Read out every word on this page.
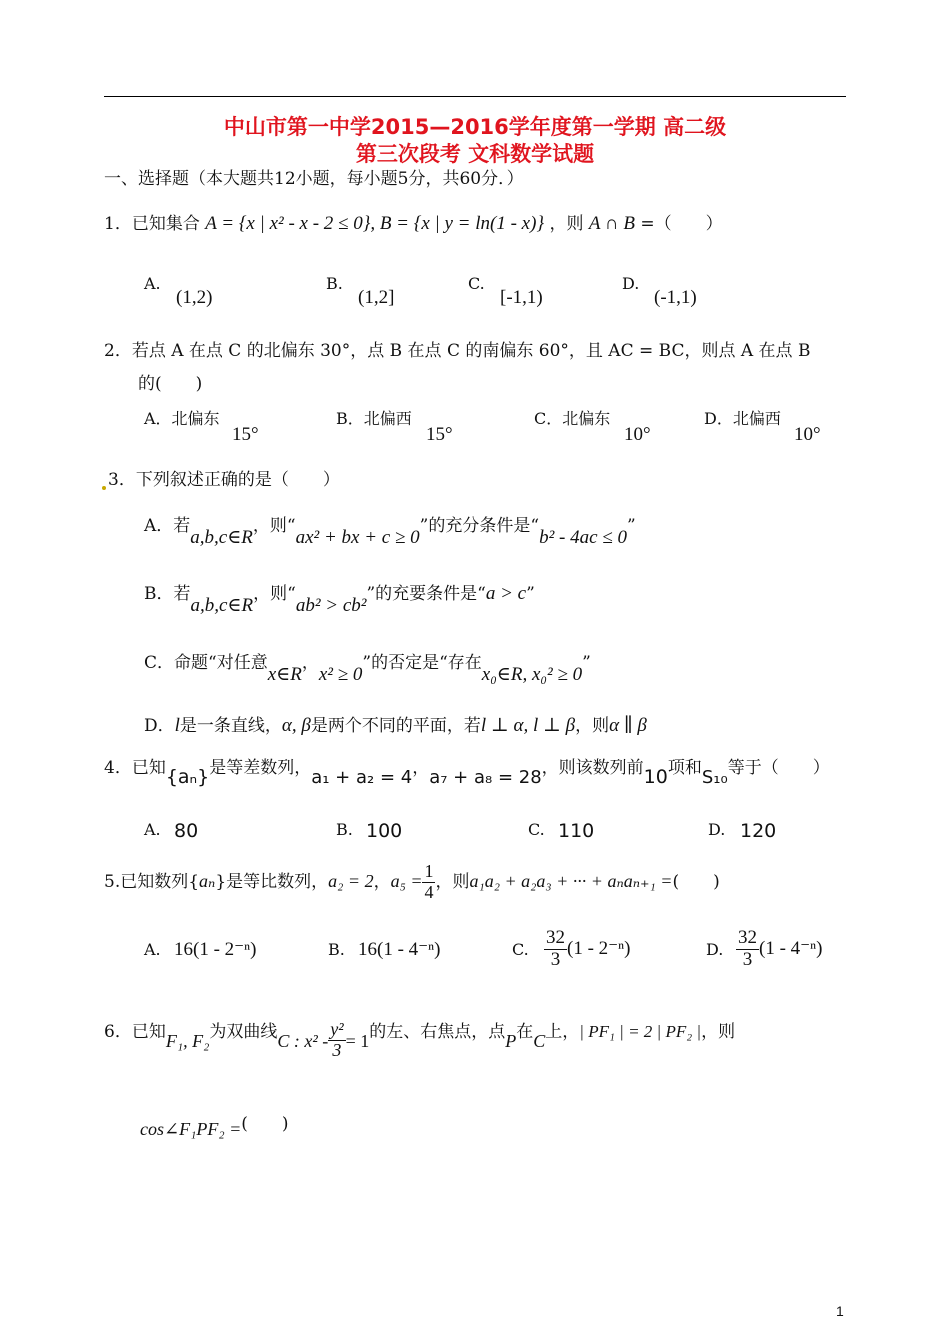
中山市第一中学2015—2016学年度第一学期 高二级
第三次段考 文科数学试题
一、选择题（本大题共12小题，每小题5分，共60分．）
1．已知集合 A = {x | x² - x - 2 ≤ 0}, B = {x | y = ln(1 - x)} ，则 A ∩ B =（　　）
A.
(1,2)
B.
(1,2]
C.
[-1,1)
D.
(-1,1)
2．若点 A 在点 C 的北偏东 30°，点 B 在点 C 的南偏东 60°，且 AC = BC，则点 A 在点 B
的(　　)
A．北偏东
15°
B．北偏西
15°
C．北偏东
10°
D．北偏西
10°
3．下列叙述正确的是（　　）
A．若a,b,c∈R，则“ax² + bx + c ≥ 0”的充分条件是“b² - 4ac ≤ 0”
B．若a,b,c∈R，则“ab² > cb²”的充要条件是“a > c”
C．命题“对任意x∈R，x² ≥ 0”的否定是“存在x₀∈R, x₀² ≥ 0”
D．l是一条直线，α, β是两个不同的平面，若l ⊥ α, l ⊥ β，则α ∥ β
4．已知{aₙ}是等差数列，a₁ + a₂ = 4，a₇ + a₈ = 28，则该数列前10项和S₁₀等于（　　）
A. 80	B. 100	C. 110	D. 120
5.已知数列{aₙ}是等比数列，a₂ = 2，$a_5 = \frac{1}{4}$ ，则a₁a₂ + a₂a₃ + ··· + aₙaₙ₊₁ =(　　)
A. 16(1 - 2⁻ⁿ)	B. 16(1 - 4⁻ⁿ)	C. $\frac{32}{3} (1 - 2^{-n})$	D. $\frac{32}{3} (1 - 4^{-n})$
6．已知F₁, F₂为双曲线C : $x^2 - \frac{\text{y²}}{3} = 1$的左、右焦点，点P在C上，| PF₁ | = 2 | PF₂ |，则
cos∠F₁PF₂ =(　　)
1
